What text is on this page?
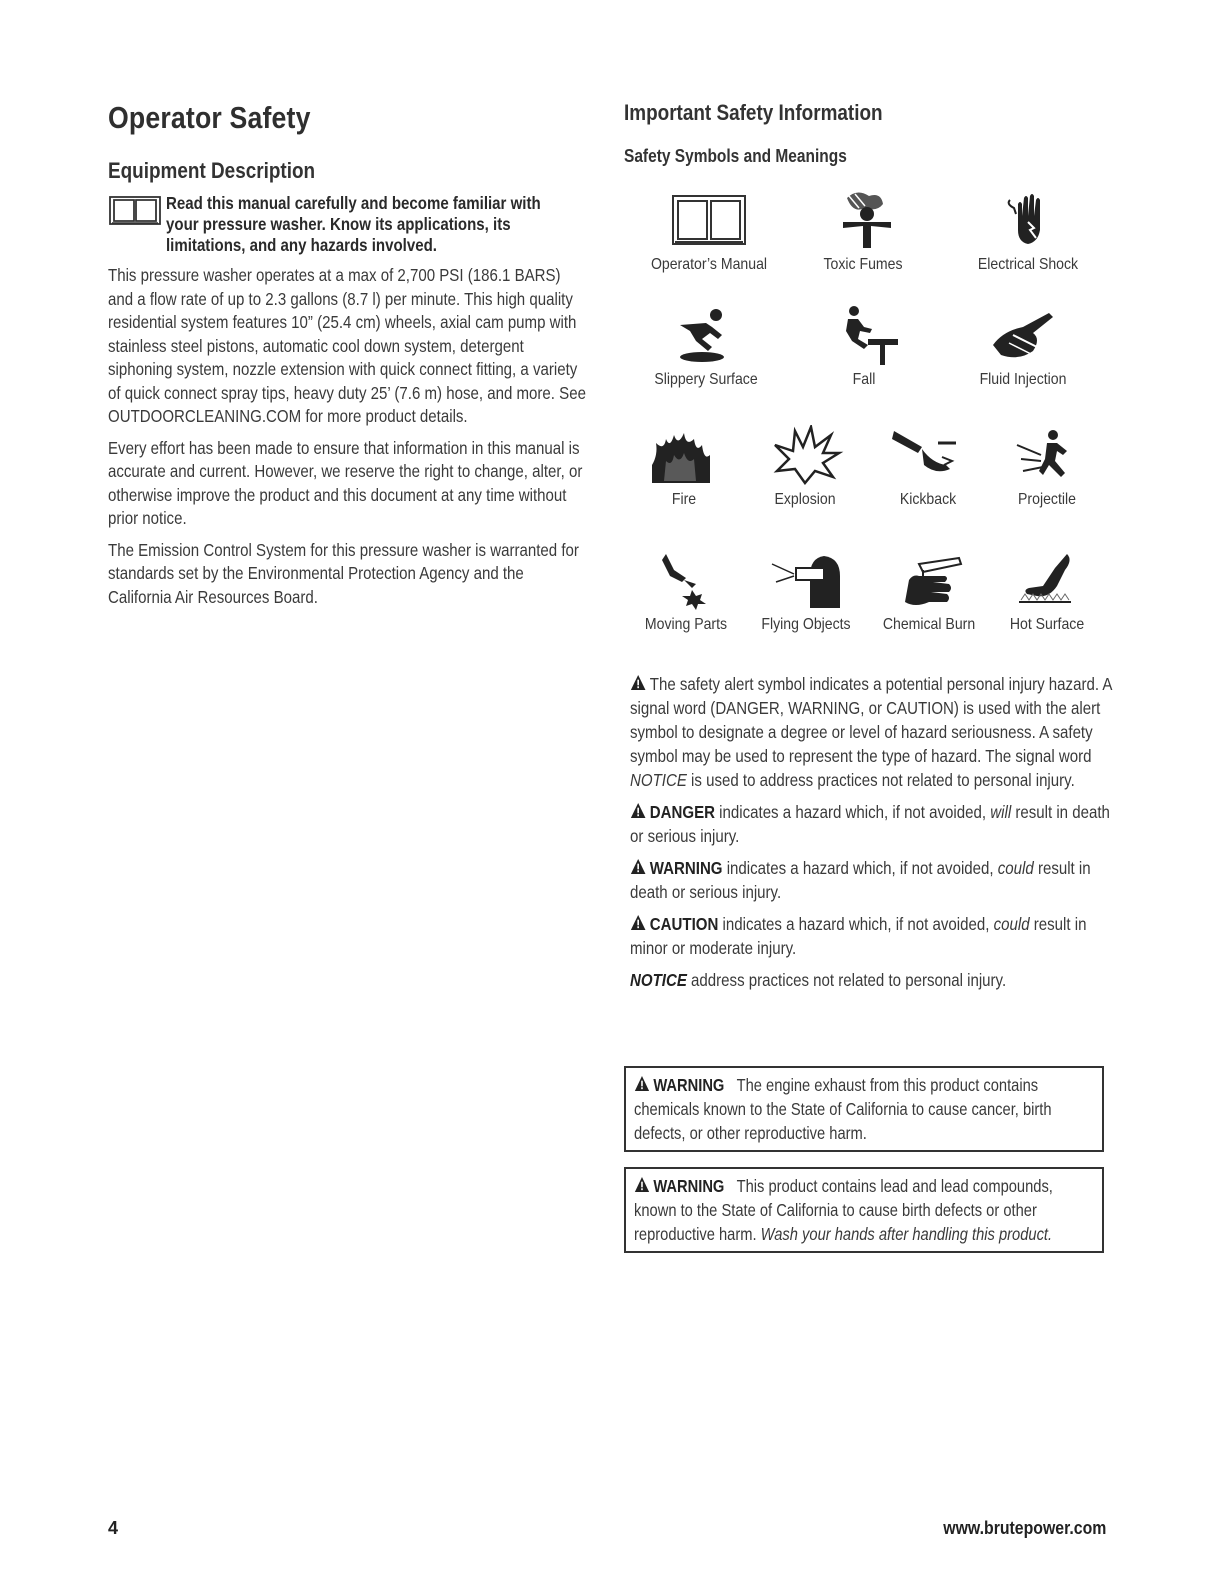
Operator Safety
Equipment Description
Read this manual carefully and become familiar with your pressure washer. Know its applications, its limitations, and any hazards involved.

This pressure washer operates at a max of 2,700 PSI (186.1 BARS) and a flow rate of up to 2.3 gallons (8.7 l) per minute. This high quality residential system features 10” (25.4 cm) wheels, axial cam pump with stainless steel pistons, automatic cool down system, detergent siphoning system, nozzle extension with quick connect fitting, a variety of quick connect spray tips, heavy duty 25’ (7.6 m) hose, and more. See OUTDOORCLEANING.COM for more product details.

Every effort has been made to ensure that information in this manual is accurate and current. However, we reserve the right to change, alter, or otherwise improve the product and this document at any time without prior notice.

The Emission Control System for this pressure washer is warranted for standards set by the Environmental Protection Agency and the California Air Resources Board.

Important Safety Information
Safety Symbols and Meanings
Operator’s Manual	Toxic Fumes	Electrical Shock
Slippery Surface	Fall	Fluid Injection
Fire	Explosion	Kickback	Projectile
Moving Parts	Flying Objects	Chemical Burn	Hot Surface

The safety alert symbol indicates a potential personal injury hazard. A signal word (DANGER, WARNING, or CAUTION) is used with the alert symbol to designate a degree or level of hazard seriousness. A safety symbol may be used to represent the type of hazard. The signal word NOTICE is used to address practices not related to personal injury.

DANGER indicates a hazard which, if not avoided, will result in death or serious injury.

WARNING indicates a hazard which, if not avoided, could result in death or serious injury.

CAUTION indicates a hazard which, if not avoided, could result in minor or moderate injury.

NOTICE address practices not related to personal injury.

WARNING The engine exhaust from this product contains chemicals known to the State of California to cause cancer, birth defects, or other reproductive harm.
WARNING This product contains lead and lead compounds, known to the State of California to cause birth defects or other reproductive harm. Wash your hands after handling this product.
4	www.brutepower.com
